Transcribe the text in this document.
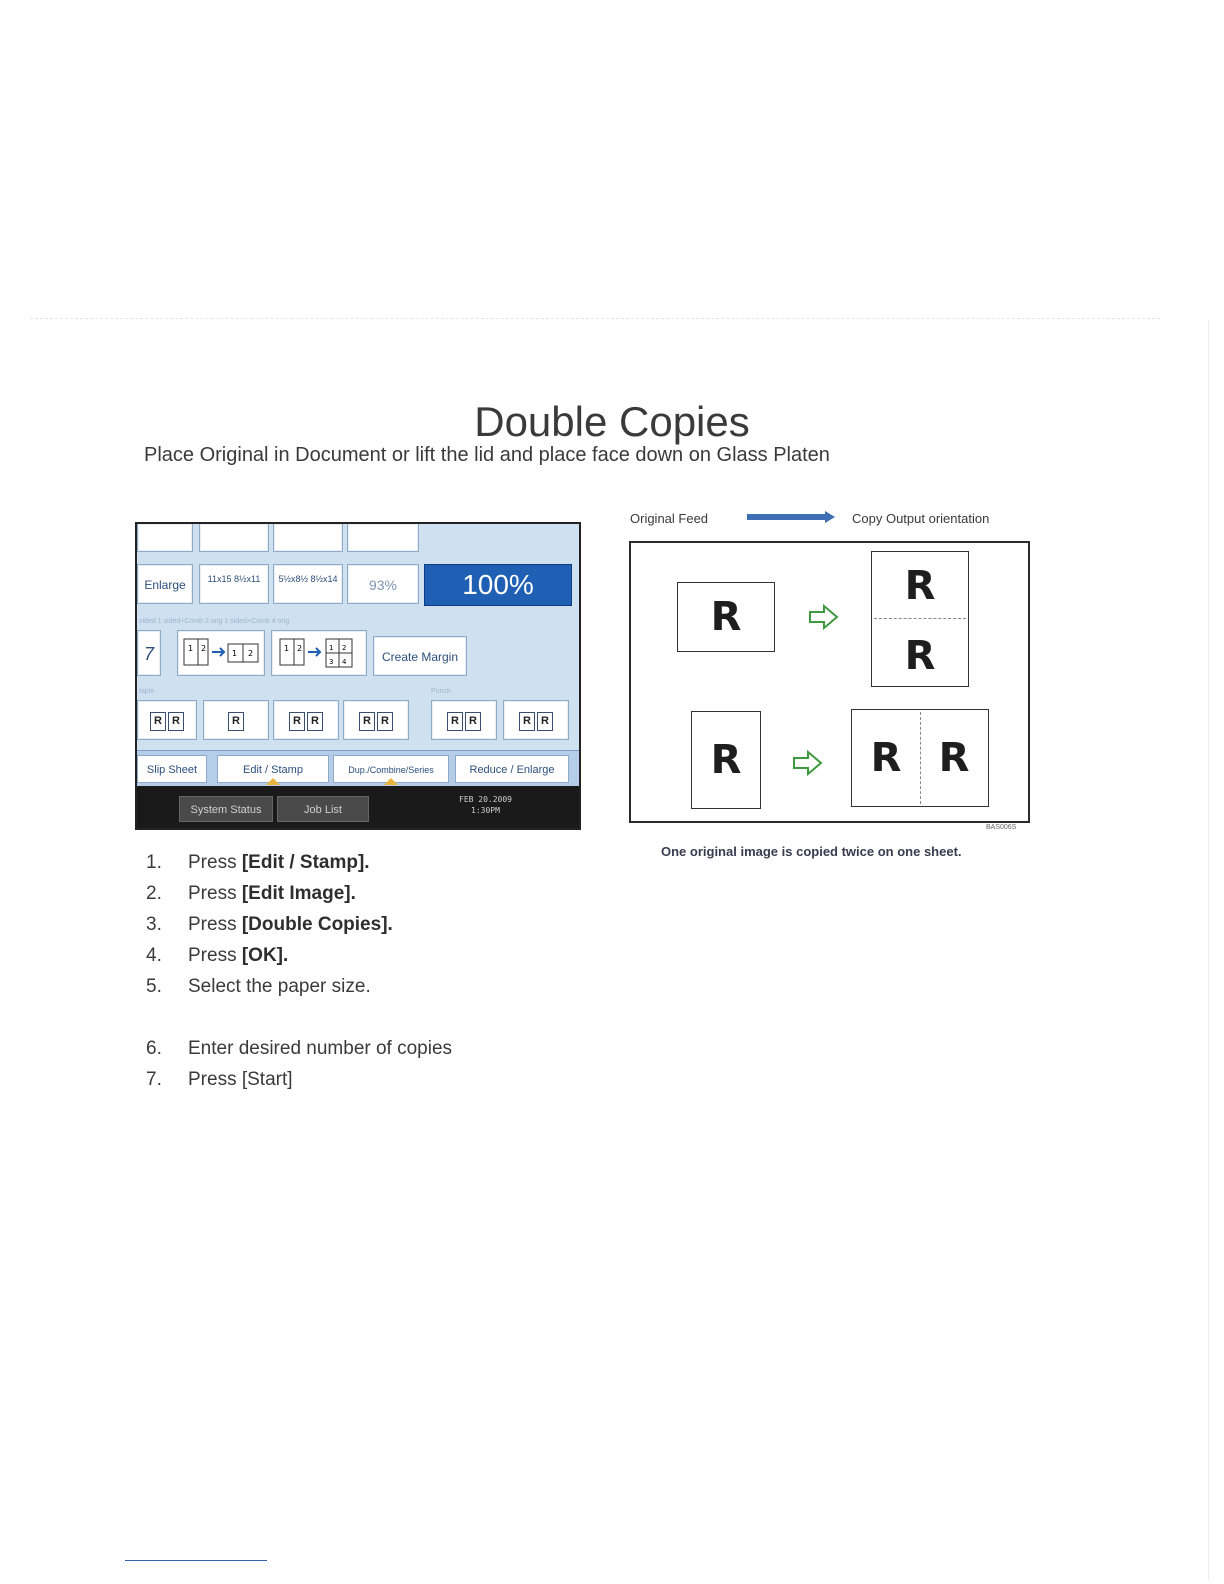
Double Copies
Place Original in Document or lift the lid and place face down on Glass Platen
Enlarge	11x15 8½x11	5½x8½ 8½x14	93%	100%
sided 1 sided+Comb 2 orig 1 sided+Comb 4 orig
7	1 2
1 2
1 2	1 2
3 4	Create Margin
taple	Punch
R R	R	R R	R R	R R	R R
Slip Sheet	Edit / Stamp	Dup./Combine/Series	Reduce / Enlarge
System Status	Job List
FEB 20.2009
1:30PM
1. Press [Edit / Stamp].
2. Press [Edit Image].
3. Press [Double Copies].
4. Press [OK].
5. Select the paper size.
6. Enter desired number of copies
7. Press [Start]
Original Feed	Copy Output orientation
R
R
R
R	R R
BAS006S
One original image is copied twice on one sheet.
